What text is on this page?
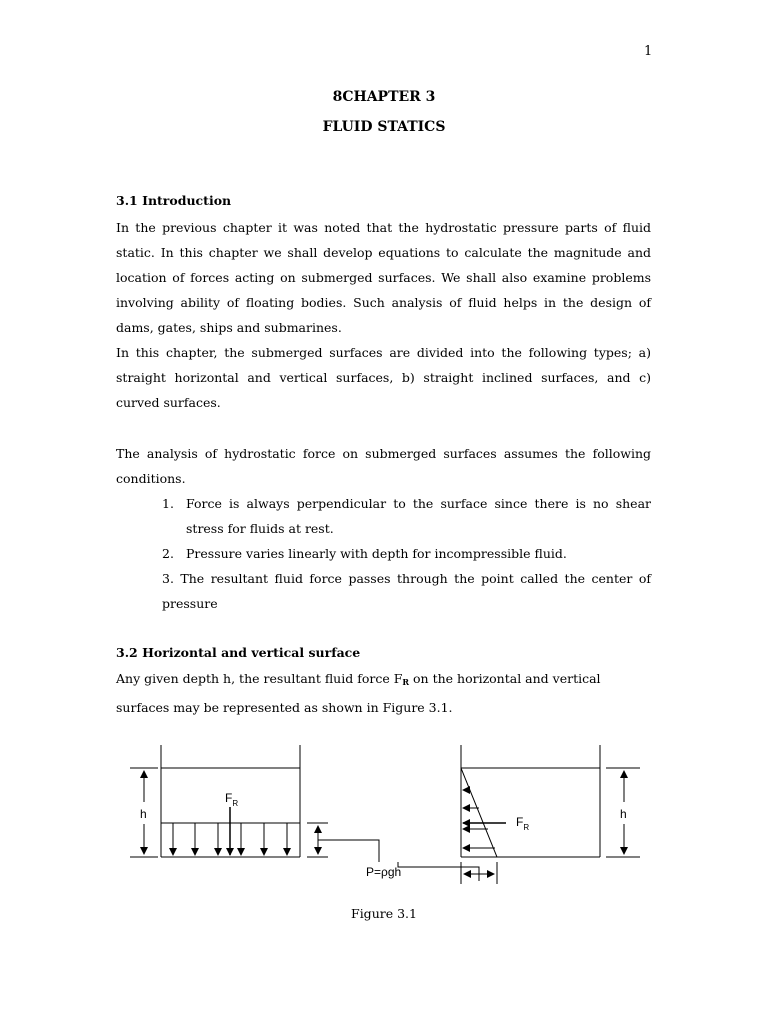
1
8CHAPTER 3
FLUID STATICS
3.1 Introduction
In the previous chapter it was noted that the hydrostatic pressure parts of fluid static. In this chapter we shall develop equations to calculate the magnitude and location of forces acting on submerged surfaces. We shall also examine problems involving ability of floating bodies. Such analysis of fluid helps in the design of dams, gates, ships and submarines.
In this chapter, the submerged surfaces are divided into the following types; a) straight horizontal and vertical surfaces, b) straight inclined surfaces, and c) curved surfaces.
The analysis of hydrostatic force on submerged surfaces assumes the following conditions.
1. Force is always perpendicular to the surface since there is no shear stress for fluids at rest.
2. Pressure varies linearly with depth for incompressible fluid.
3. The resultant fluid force passes through the point called the center of pressure
3.2 Horizontal and vertical surface
Any given depth h, the resultant fluid force $F_R$ on the horizontal and vertical surfaces may be represented as shown in Figure 3.1.
h
$F_R$
P=ρgh
$F_R$
h
Figure 3.1
